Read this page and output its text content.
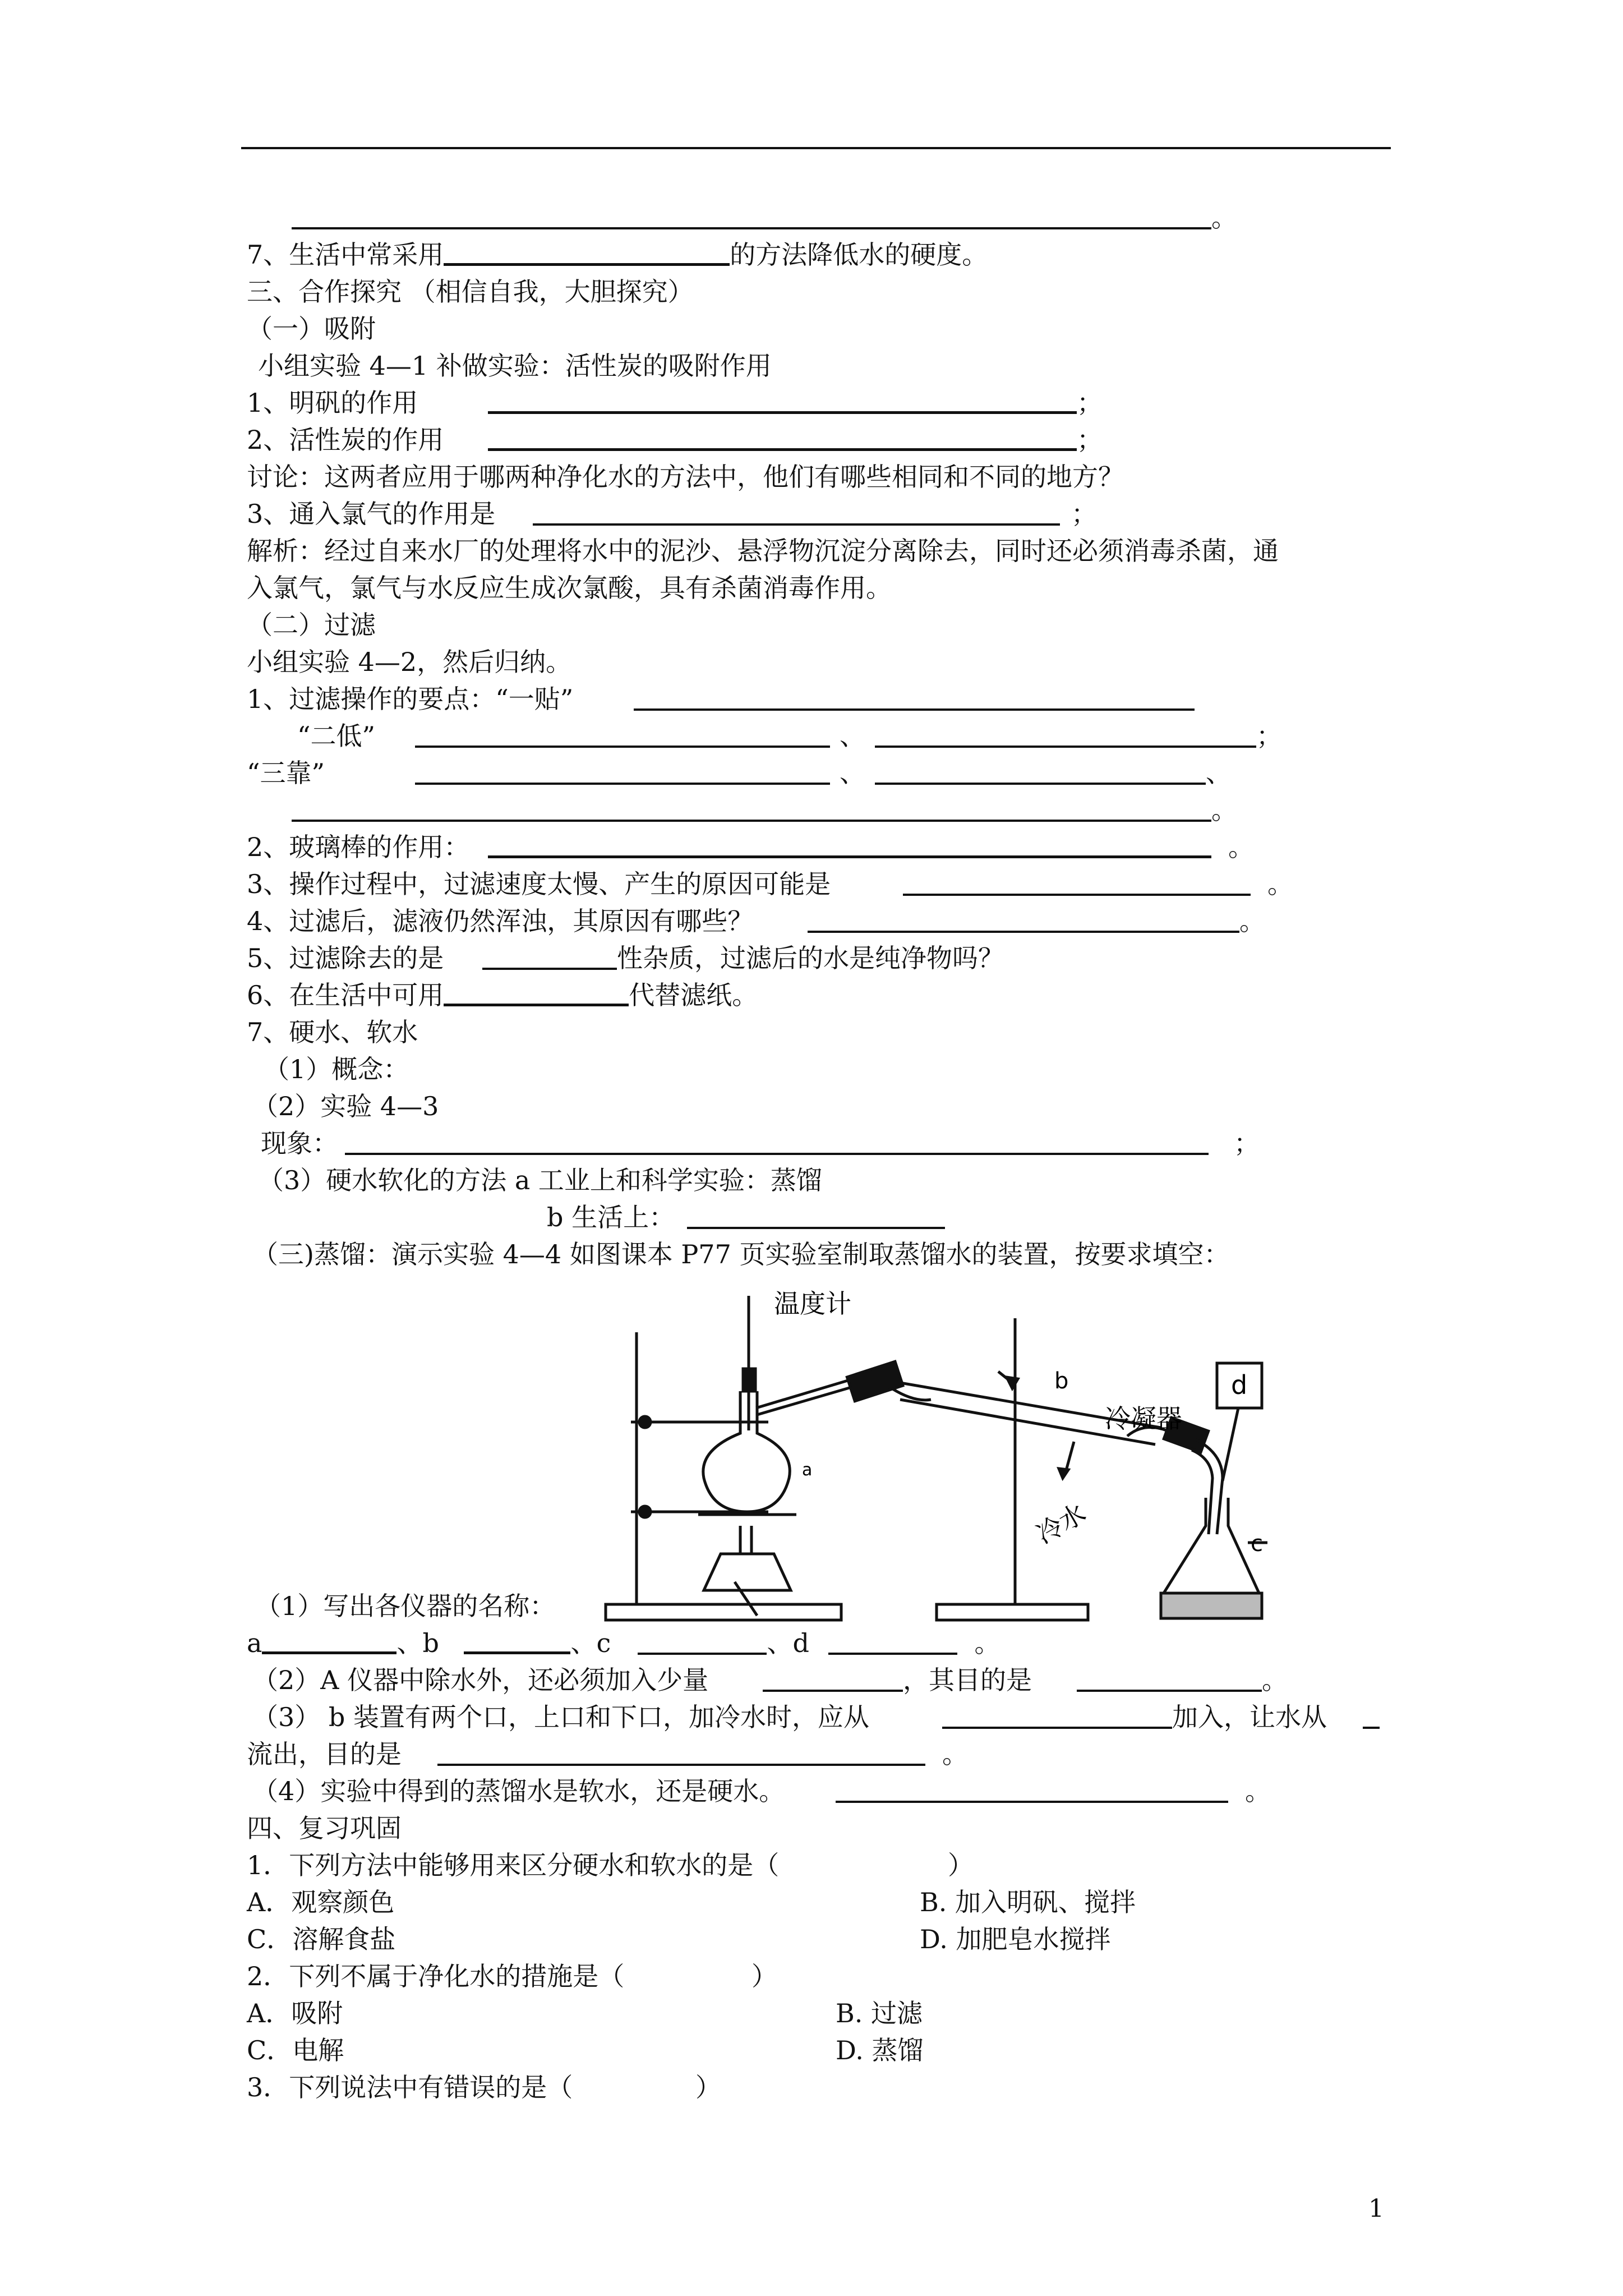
。
7、生活中常采用	的方法降低水的硬度。
三、合作探究 （相信自我，大胆探究）
（一）吸附
小组实验 4—1 补做实验：活性炭的吸附作用
1、明矾的作用	；
2、活性炭的作用	；
讨论：这两者应用于哪两种净化水的方法中，他们有哪些相同和不同的地方？
3、通入氯气的作用是	；
解析：经过自来水厂的处理将水中的泥沙、悬浮物沉淀分离除去，同时还必须消毒杀菌，通
入氯气，氯气与水反应生成次氯酸，具有杀菌消毒作用。
（二）过滤
小组实验 4—2，然后归纳。
1、过滤操作的要点：“一贴”
“二低”	、	；
“三靠”	、	、
。
2、玻璃棒的作用：	。
3、操作过程中，过滤速度太慢、产生的原因可能是	。
4、过滤后，滤液仍然浑浊，其原因有哪些？	。
5、过滤除去的是	性杂质，过滤后的水是纯净物吗？
6、在生活中可用	代替滤纸。
7、硬水、软水
（1）概念：
（2）实验 4—3
现象：	；
（3）硬水软化的方法 a 工业上和科学实验：蒸馏
b 生活上：
（三)蒸馏：演示实验 4—4 如图课本 P77 页实验室制取蒸馏水的装置，按要求填空：
温度计
a
b
冷凝器
d
c
冷水
（1）写出各仪器的名称：
a	、b	、c	、d	。
（2）A 仪器中除水外，还必须加入少量	，其目的是	。
（3） b 装置有两个口，上口和下口，加冷水时，应从	加入，让水从
流出，目的是	。
（4）实验中得到的蒸馏水是软水，还是硬水。	。
四、复习巩固
1．下列方法中能够用来区分硬水和软水的是（	）
A．观察颜色	B. 加入明矾、搅拌
C．溶解食盐	D. 加肥皂水搅拌
2．下列不属于净化水的措施是（	）
A．吸附	B. 过滤
C．电解	D. 蒸馏
3．下列说法中有错误的是（	）
1
